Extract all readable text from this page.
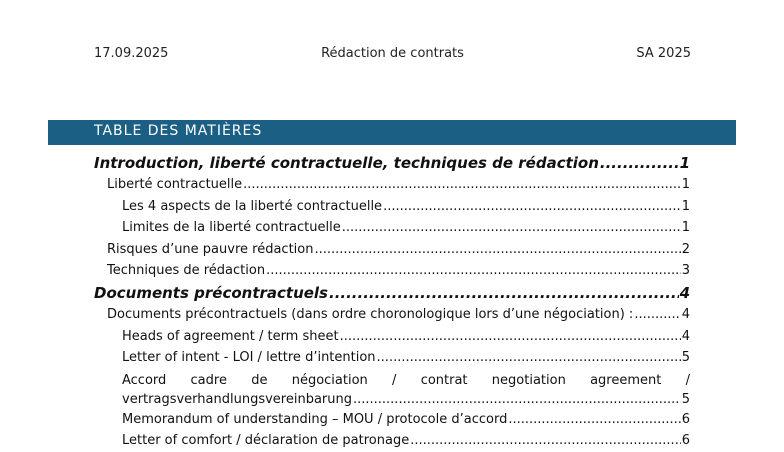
17.09.2025	Rédaction de contrats	SA 2025
TABLE DES MATIÈRES
Introduction, liberté contractuelle, techniques de rédaction .....	1
Liberté contractuelle .....	1
Les 4 aspects de la liberté contractuelle .....	1
Limites de la liberté contractuelle .....	1
Risques d’une pauvre rédaction .....	2
Techniques de rédaction .....	3
Documents précontractuels .....	4
Documents précontractuels (dans ordre choronologique lors d’une négociation) : .....	4
Heads of agreement / term sheet .....	4
Letter of intent - LOI / lettre d’intention .....	5
Accord cadre de négociation / contrat negotiation agreement /
vertragsverhandlungsvereinbarung .....	5
Memorandum of understanding – MOU / protocole d’accord .....	6
Letter of comfort / déclaration de patronage .....	6
